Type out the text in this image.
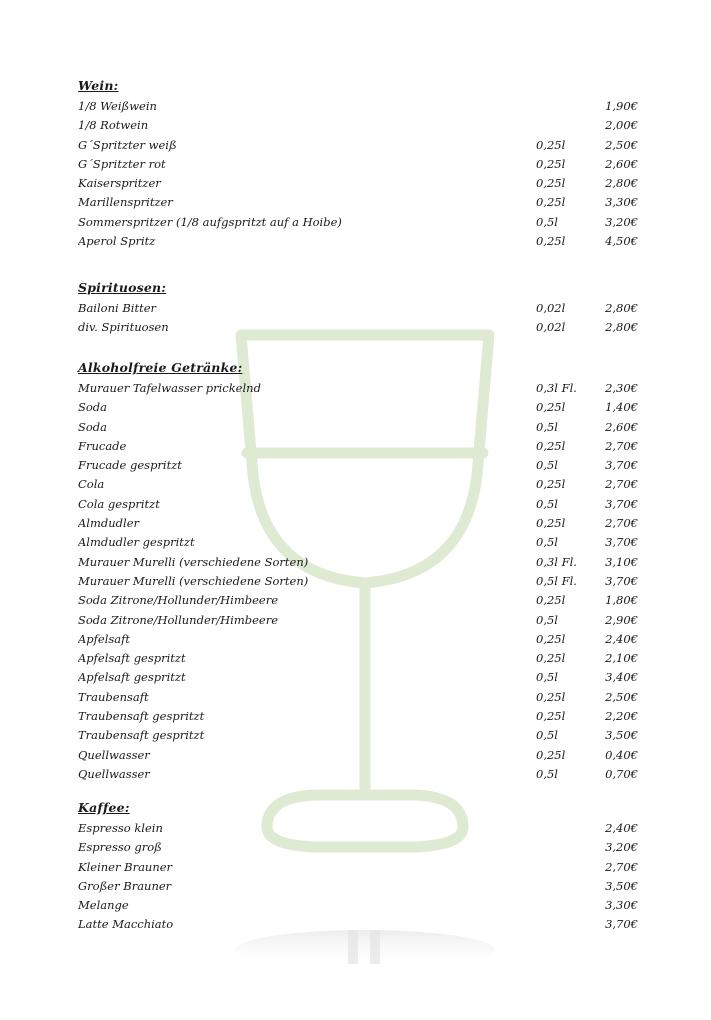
Wein:
1/8 Weißwein	1,90€
1/8 Rotwein	2,00€
G´Spritzter weiß	0,25l	2,50€
G´Spritzter rot	0,25l	2,60€
Kaiserspritzer	0,25l	2,80€
Marillenspritzer	0,25l	3,30€
Sommerspritzer (1/8 aufgspritzt auf a Hoibe)	0,5l	3,20€
Aperol Spritz	0,25l	4,50€
Spirituosen:
Bailoni Bitter	0,02l	2,80€
div. Spirituosen	0,02l	2,80€
Alkoholfreie Getränke:
Murauer Tafelwasser prickelnd	0,3l Fl.	2,30€
Soda	0,25l	1,40€
Soda	0,5l	2,60€
Frucade	0,25l	2,70€
Frucade gespritzt	0,5l	3,70€
Cola	0,25l	2,70€
Cola gespritzt	0,5l	3,70€
Almdudler	0,25l	2,70€
Almdudler gespritzt	0,5l	3,70€
Murauer Murelli (verschiedene Sorten)	0,3l Fl.	3,10€
Murauer Murelli (verschiedene Sorten)	0,5l Fl.	3,70€
Soda Zitrone/Hollunder/Himbeere	0,25l	1,80€
Soda Zitrone/Hollunder/Himbeere	0,5l	2,90€
Apfelsaft	0,25l	2,40€
Apfelsaft gespritzt	0,25l	2,10€
Apfelsaft gespritzt	0,5l	3,40€
Traubensaft	0,25l	2,50€
Traubensaft gespritzt	0,25l	2,20€
Traubensaft gespritzt	0,5l	3,50€
Quellwasser	0,25l	0,40€
Quellwasser	0,5l	0,70€
Kaffee:
Espresso klein	2,40€
Espresso groß	3,20€
Kleiner Brauner	2,70€
Großer Brauner	3,50€
Melange	3,30€
Latte Macchiato	3,70€
